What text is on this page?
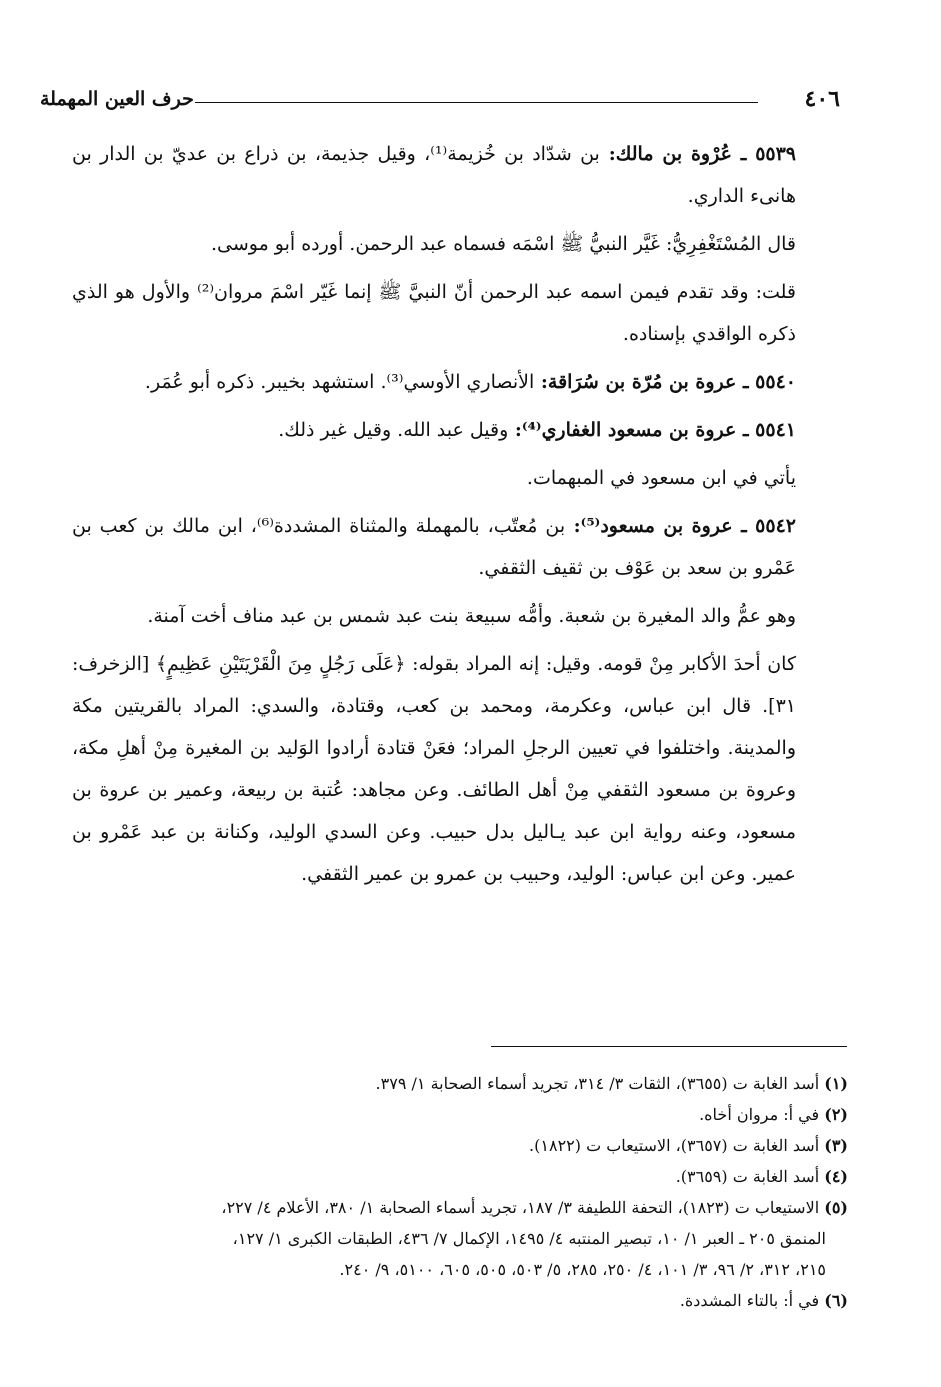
٤٠٦
حرف العين المهملة

٥٥٣٩ ـ عُرْوة بن مالك: بن شدّاد بن خُزيمة⁽¹⁾، وقيل جذيمة، بن ذراع بن عديّ بن الدار بن هانىء الداري.

قال المُسْتَغْفِرِيُّ: غَيَّر النبيُّ ﷺ اسْمَه فسماه عبد الرحمن. أورده أبو موسى.

قلت: وقد تقدم فيمن اسمه عبد الرحمن أنّ النبيَّ ﷺ إنما غَيّر اسْمَ مروان⁽²⁾ والأول هو الذي ذكره الواقدي بإسناده.

٥٥٤٠ ـ عروة بن مُرّة بن سُرَاقة: الأنصاري الأوسي⁽³⁾. استشهد بخيبر. ذكره أبو عُمَر.

٥٥٤١ ـ عروة بن مسعود الغفاري⁽⁴⁾: وقيل عبد الله. وقيل غير ذلك.

يأتي في ابن مسعود في المبهمات.

٥٥٤٢ ـ عروة بن مسعود⁽⁵⁾: بن مُعتّب، بالمهملة والمثناة المشددة⁽⁶⁾، ابن مالك بن كعب بن عَمْرو بن سعد بن عَوْف بن ثقيف الثقفي.

وهو عمُّ والد المغيرة بن شعبة. وأمُّه سبيعة بنت عبد شمس بن عبد مناف أخت آمنة.

كان أحدَ الأكابر مِنْ قومه. وقيل: إنه المراد بقوله: ﴿عَلَى رَجُلٍ مِنَ الْقَرْيَتَيْنِ عَظِيمٍ﴾ [الزخرف: ٣١]. قال ابن عباس، وعكرمة، ومحمد بن كعب، وقتادة، والسدي: المراد بالقريتين مكة والمدينة. واختلفوا في تعيين الرجلِ المراد؛ فعَنْ قتادة أرادوا الوَليد بن المغيرة مِنْ أهلِ مكة، وعروة بن مسعود الثقفي مِنْ أهل الطائف. وعن مجاهد: عُتبة بن ربيعة، وعمير بن عروة بن مسعود، وعنه رواية ابن عبد يـاليل بدل حبيب. وعن السدي الوليد، وكنانة بن عبد عَمْرو بن عمير. وعن ابن عباس: الوليد، وحبيب بن عمرو بن عمير الثقفي.

(١) أسد الغابة ت (٣٦٥٥)، الثقات ٣/ ٣١٤، تجريد أسماء الصحابة ١/ ٣٧٩.

(٢) في أ: مروان أخاه.

(٣) أسد الغابة ت (٣٦٥٧)، الاستيعاب ت (١٨٢٢).

(٤) أسد الغابة ت (٣٦٥٩).

(٥) الاستيعاب ت (١٨٢٣)، التحفة اللطيفة ٣/ ١٨٧، تجريد أسماء الصحابة ١/ ٣٨٠، الأعلام ٤/ ٢٢٧،

المنمق ٢٠٥ ـ العبر ١/ ١٠، تبصير المنتبه ٤/ ١٤٩٥، الإكمال ٧/ ٤٣٦، الطبقات الكبرى ١/ ١٢٧،

٢١٥، ٣١٢، ٢/ ٩٦، ٣/ ١٠١، ٤/ ٢٥٠، ٢٨٥، ٥/ ٥٠٣، ٥٠٥، ٦٠٥، ٥١٠٠، ٩/ ٢٤٠.

(٦) في أ: بالتاء المشددة.
